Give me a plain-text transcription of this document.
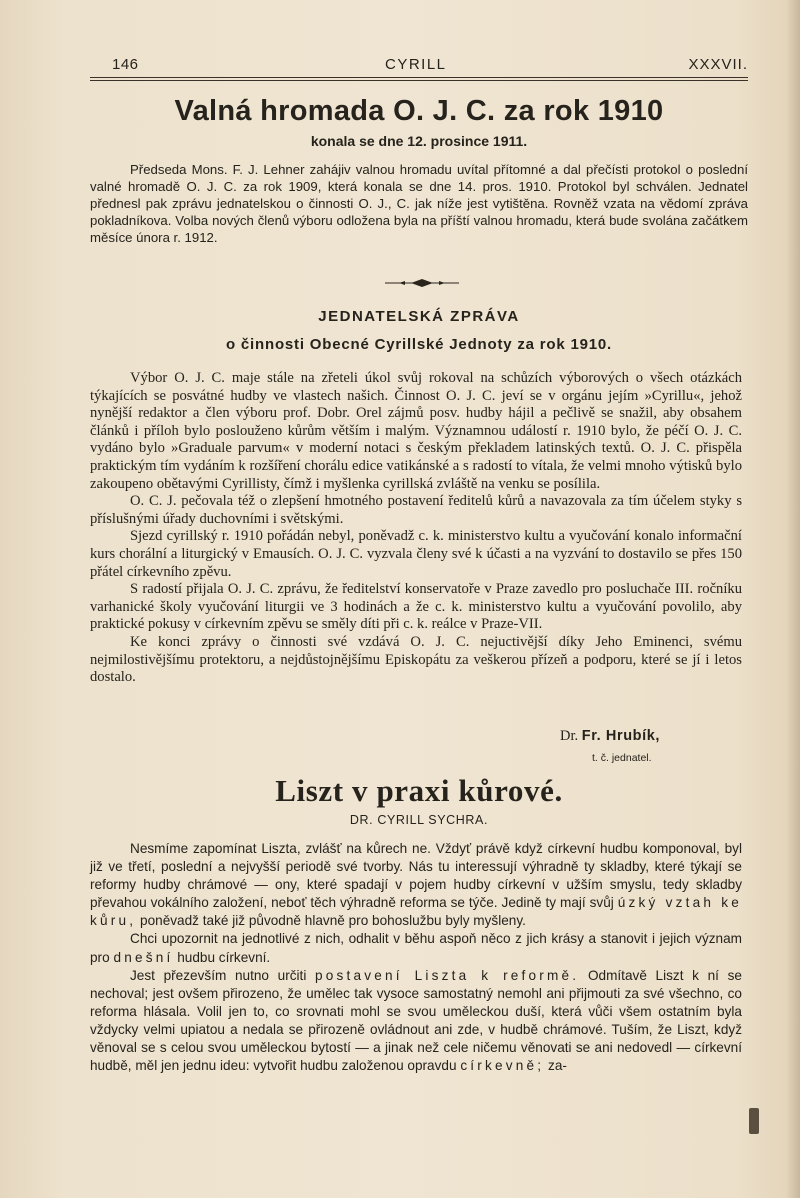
146	CYRILL	XXXVII.
Valná hromada O. J. C. za rok 1910
konala se dne 12. prosince 1911.

Předseda Mons. F. J. Lehner zahájiv valnou hromadu uvítal přítomné a dal přečísti protokol o poslední valné hromadě O. J. C. za rok 1909, která konala se dne 14. pros. 1910. Protokol byl schválen. Jednatel přednesl pak zprávu jednatelskou o činnosti O. J., C. jak níže jest vytištěna. Rovněž vzata na vědomí zpráva pokladníkova. Volba nových členů výboru odložena byla na příští valnou hromadu, která bude svolána začátkem měsíce února r. 1912.

JEDNATELSKÁ ZPRÁVA
o činnosti Obecné Cyrillské Jednoty za rok 1910.

Výbor O. J. C. maje stále na zřeteli úkol svůj rokoval na schůzích výborových o všech otázkách týkajících se posvátné hudby ve vlastech našich. Činnost O. J. C. jeví se v orgánu jejím »Cyrillu«, jehož nynější redaktor a člen výboru prof. Dobr. Orel zájmů posv. hudby hájil a pečlivě se snažil, aby obsahem článků i příloh bylo poslouženo kůrům větším i malým. Významnou událostí r. 1910 bylo, že péčí O. J. C. vydáno bylo »Graduale parvum« v moderní notaci s českým překladem latinských textů. O. J. C. přispěla praktickým tím vydáním k rozšíření chorálu edice vatikánské a s radostí to vítala, že velmi mnoho výtisků bylo zakoupeno obětavými Cyrillisty, čímž i myšlenka cyrillská zvláště na venku se posílila.

O. C. J. pečovala též o zlepšení hmotného postavení ředitelů kůrů a navazovala za tím účelem styky s příslušnými úřady duchovními i světskými.

Sjezd cyrillský r. 1910 pořádán nebyl, poněvadž c. k. ministerstvo kultu a vyučování konalo informační kurs chorální a liturgický v Emausích. O. J. C. vyzvala členy své k účasti a na vyzvání to dostavilo se přes 150 přátel církevního zpěvu.

S radostí přijala O. J. C. zprávu, že ředitelství konservatoře v Praze zavedlo pro posluchače III. ročníku varhanické školy vyučování liturgii ve 3 hodinách a že c. k. ministerstvo kultu a vyučování povolilo, aby praktické pokusy v církevním zpěvu se směly díti při c. k. reálce v Praze-VII.

Ke konci zprávy o činnosti své vzdává O. J. C. nejuctivější díky Jeho Eminenci, svému nejmilostivějšímu protektoru, a nejdůstojnějšímu Episkopátu za veškerou přízeň a podporu, které se jí i letos dostalo.

Dr. Fr. Hrubík,
t. č. jednatel.
Liszt v praxi kůrové.
DR. CYRILL SYCHRA.

Nesmíme zapomínat Liszta, zvlášť na kůrech ne. Vždyť právě když církevní hudbu komponoval, byl již ve třetí, poslední a nejvyšší periodě své tvorby. Nás tu interessují výhradně ty skladby, které týkají se reformy hudby chrámové — ony, které spadají v pojem hudby církevní v užším smyslu, tedy skladby převahou vokálního založení, neboť těch výhradně reforma se týče. Jedině ty mají svůj úzký vztah ke kůru, poněvadž také již původně hlavně pro bohoslužbu byly myšleny.

Chci upozornit na jednotlivé z nich, odhalit v běhu aspoň něco z jich krásy a stanovit i jejich význam pro dnešní hudbu církevní.

Jest přezevším nutno určiti postavení Liszta k reformě. Odmítavě Liszt k ní se nechoval; jest ovšem přirozeno, že umělec tak vysoce samostatný nemohl ani přijmouti za své všechno, co reforma hlásala. Volil jen to, co srovnati mohl se svou uměleckou duší, která vůči všem ostatním byla vždycky velmi upiatou a nedala se přirozeně ovládnout ani zde, v hudbě chrámové. Tuším, že Liszt, když věnoval se s celou svou uměleckou bytostí — a jinak než cele ničemu věnovati se ani nedovedl — církevní hudbě, měl jen jednu ideu: vytvořit hudbu založenou opravdu církevně; za-
